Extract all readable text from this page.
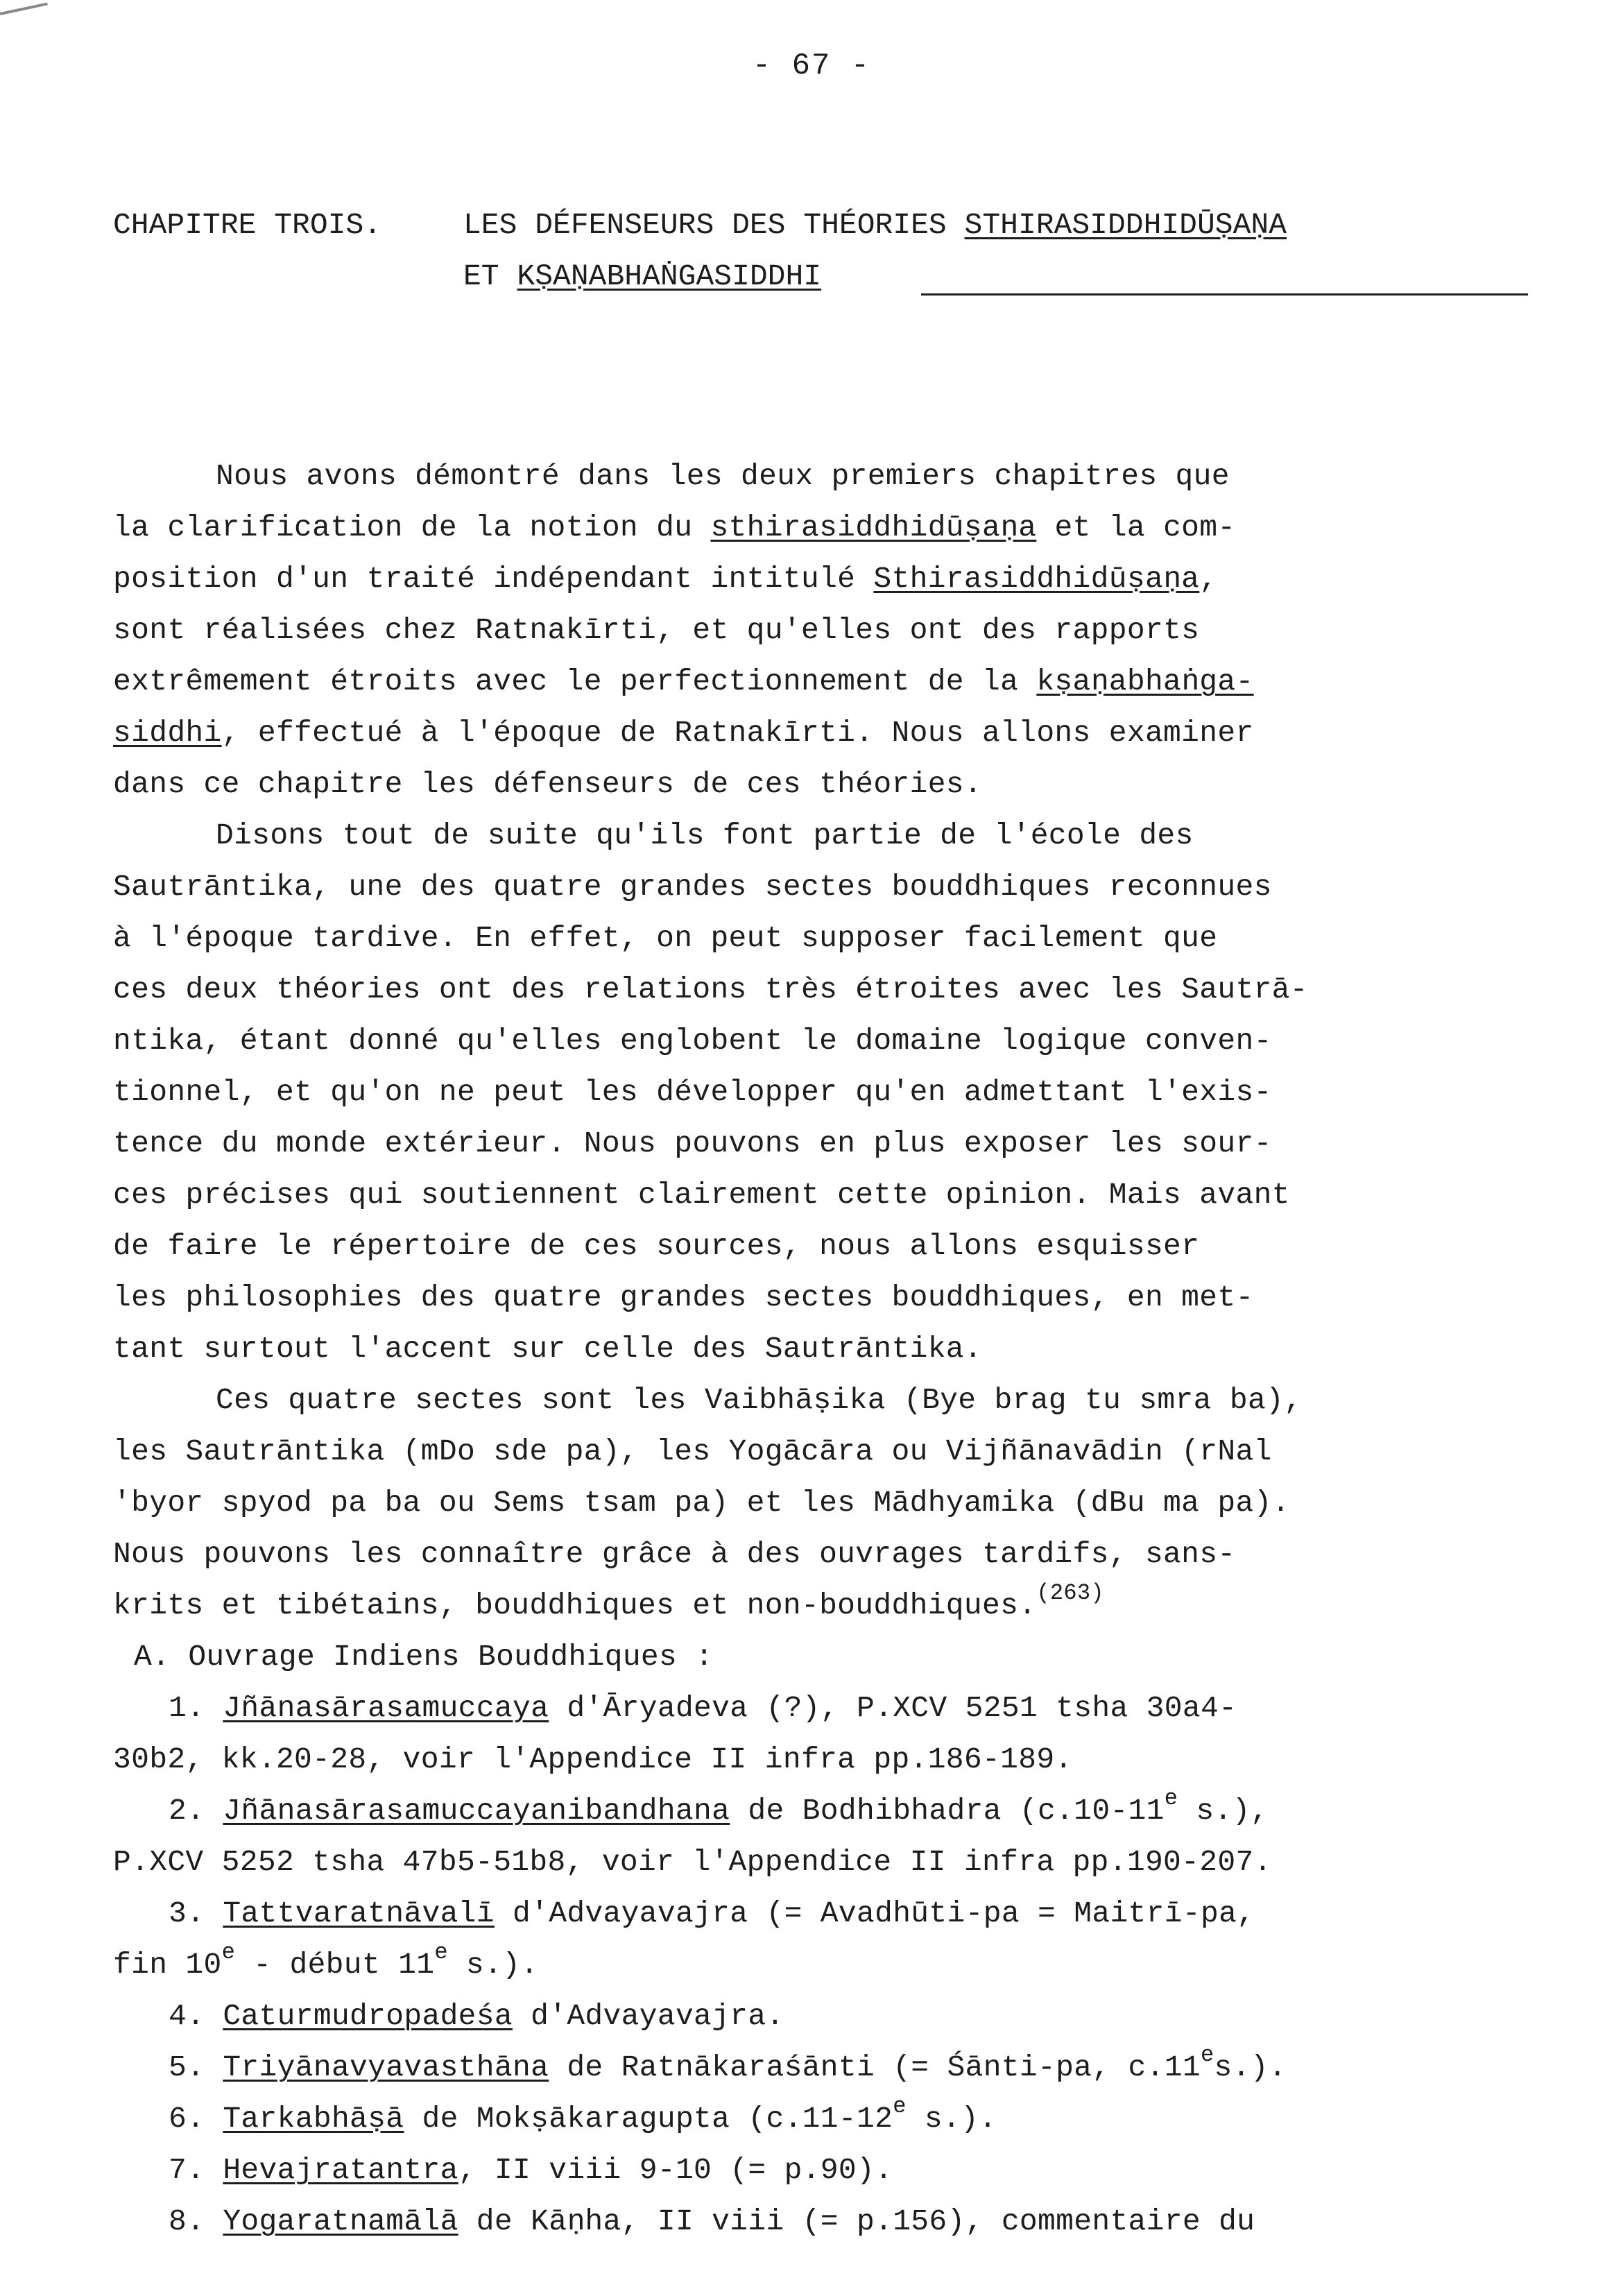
- 67 -
CHAPITRE TROIS.	LES DÉFENSEURS DES THÉORIES STHIRASIDDHIDŪṢAṆA
ET KṢAṆABHAṄGASIDDHI
Nous avons démontré dans les deux premiers chapitres que
la clarification de la notion du sthirasiddhidūṣaṇa et la com-
position d'un traité indépendant intitulé Sthirasiddhidūṣaṇa,
sont réalisées chez Ratnakīrti, et qu'elles ont des rapports
extrêmement étroits avec le perfectionnement de la kṣaṇabhaṅga-
siddhi, effectué à l'époque de Ratnakīrti. Nous allons examiner
dans ce chapitre les défenseurs de ces théories.
Disons tout de suite qu'ils font partie de l'école des
Sautrāntika, une des quatre grandes sectes bouddhiques reconnues
à l'époque tardive. En effet, on peut supposer facilement que
ces deux théories ont des relations très étroites avec les Sautrā-
ntika, étant donné qu'elles englobent le domaine logique conven-
tionnel, et qu'on ne peut les développer qu'en admettant l'exis-
tence du monde extérieur. Nous pouvons en plus exposer les sour-
ces précises qui soutiennent clairement cette opinion. Mais avant
de faire le répertoire de ces sources, nous allons esquisser
les philosophies des quatre grandes sectes bouddhiques, en met-
tant surtout l'accent sur celle des Sautrāntika.
Ces quatre sectes sont les Vaibhāṣika (Bye brag tu smra ba),
les Sautrāntika (mDo sde pa), les Yogācāra ou Vijñānavādin (rNal
'byor spyod pa ba ou Sems tsam pa) et les Mādhyamika (dBu ma pa).
Nous pouvons les connaître grâce à des ouvrages tardifs, sans-
krits et tibétains, bouddhiques et non-bouddhiques.$^{(263)}$
A. Ouvrage Indiens Bouddhiques :
1. Jñānasārasamuccaya d'Āryadeva (?), P.XCV 5251 tsha 30a4-
30b2, kk.20-28, voir l'Appendice II infra pp.186-189.
2. Jñānasārasamuccayanibandhana de Bodhibhadra (c.10-11e s.),
P.XCV 5252 tsha 47b5-51b8, voir l'Appendice II infra pp.190-207.
3. Tattvaratnāvalī d'Advayavajra (= Avadhūti-pa = Maitrī-pa,
fin 10e - début 11e s.).
4. Caturmudropadeśa d'Advayavajra.
5. Triyānavyavasthāna de Ratnākaraśānti (= Śānti-pa, c.11es.).
6. Tarkabhāṣā de Mokṣākaragupta (c.11-12e s.).
7. Hevajratantra, II viii 9-10 (= p.90).
8. Yogaratnamālā de Kāṇha, II viii (= p.156), commentaire du
